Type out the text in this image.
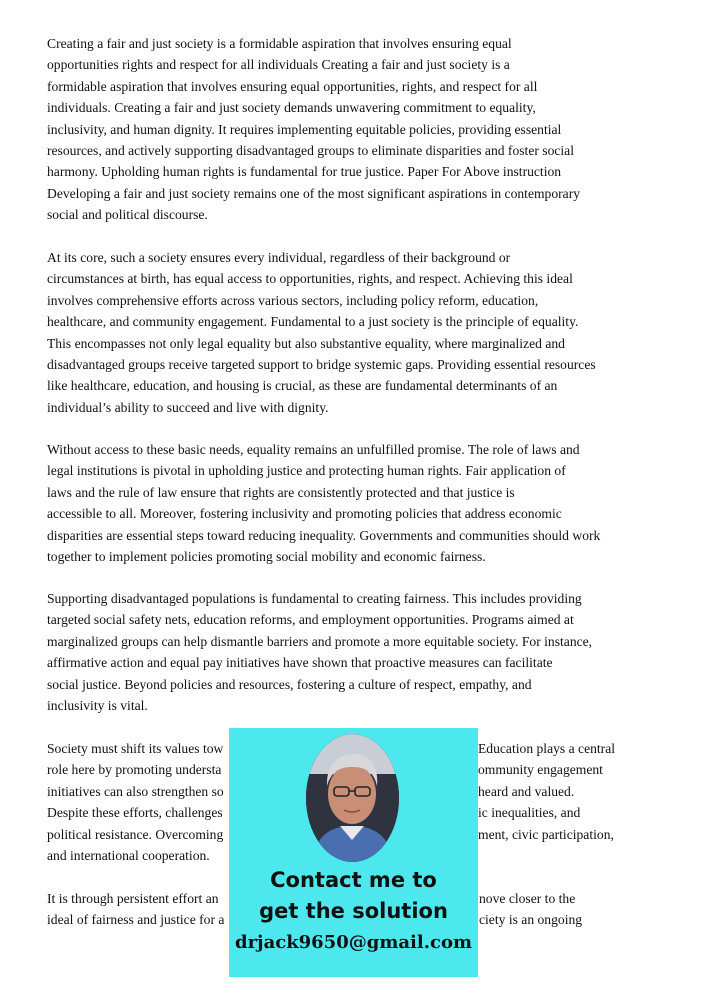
Creating a fair and just society is a formidable aspiration that involves ensuring equal
opportunities rights and respect for all individuals Creating a fair and just society is a
formidable aspiration that involves ensuring equal opportunities, rights, and respect for all
individuals. Creating a fair and just society demands unwavering commitment to equality,
inclusivity, and human dignity. It requires implementing equitable policies, providing essential
resources, and actively supporting disadvantaged groups to eliminate disparities and foster social
harmony. Upholding human rights is fundamental for true justice. Paper For Above instruction
Developing a fair and just society remains one of the most significant aspirations in contemporary
social and political discourse.
At its core, such a society ensures every individual, regardless of their background or
circumstances at birth, has equal access to opportunities, rights, and respect. Achieving this ideal
involves comprehensive efforts across various sectors, including policy reform, education,
healthcare, and community engagement. Fundamental to a just society is the principle of equality.
This encompasses not only legal equality but also substantive equality, where marginalized and
disadvantaged groups receive targeted support to bridge systemic gaps. Providing essential resources
like healthcare, education, and housing is crucial, as these are fundamental determinants of an
individual’s ability to succeed and live with dignity.
Without access to these basic needs, equality remains an unfulfilled promise. The role of laws and
legal institutions is pivotal in upholding justice and protecting human rights. Fair application of
laws and the rule of law ensure that rights are consistently protected and that justice is
accessible to all. Moreover, fostering inclusivity and promoting policies that address economic
disparities are essential steps toward reducing inequality. Governments and communities should work
together to implement policies promoting social mobility and economic fairness.
Supporting disadvantaged populations is fundamental to creating fairness. This includes providing
targeted social safety nets, education reforms, and employment opportunities. Programs aimed at
marginalized groups can help dismantle barriers and promote a more equitable society. For instance,
affirmative action and equal pay initiatives have shown that proactive measures can facilitate
social justice. Beyond policies and resources, fostering a culture of respect, empathy, and
inclusivity is vital.
Society must shift its values tow
role here by promoting understa
initiatives can also strengthen so
Despite these efforts, challenges
political resistance. Overcoming
and international cooperation.
Education plays a central
ommunity engagement
heard and valued.
ic inequalities, and
ment, civic participation,
It is through persistent effort an
ideal of fairness and justice for a
nove closer to the
ciety is an ongoing
Contact me to
get the solution
drjack9650@gmail.com
